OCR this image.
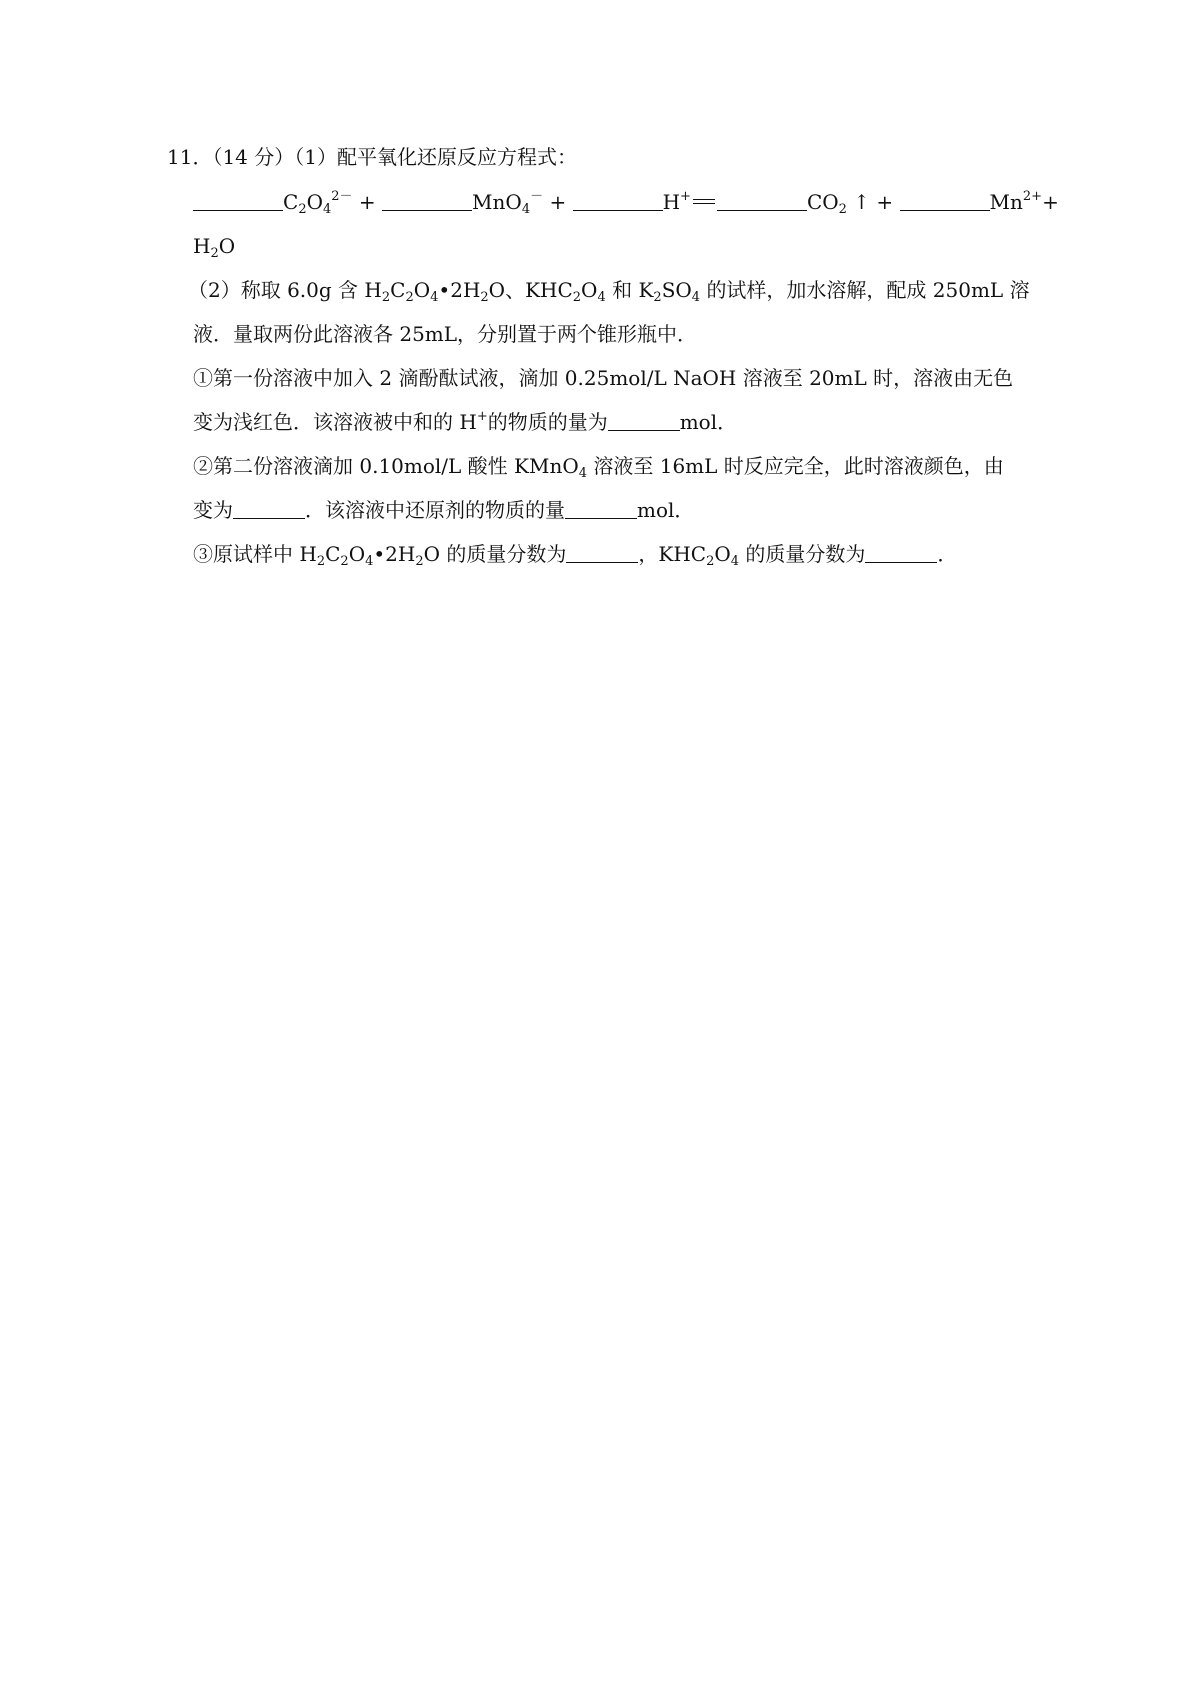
11．（14 分）（1）配平氧化还原反应方程式：
$C_2O_4^{2-}$ +	MnO$_4$－ +	H+	$CO_2$ ↑ +	$Mn^{2+}+$
$H_2O$
（2）称取 6.0g 含 $H_2C_2O_4•2H_2O$、$KHC_2O_4$ 和 $K_2SO_4$ 的试样，加水溶解，配成 250mL 溶
液．量取两份此溶液各 25mL，分别置于两个锥形瓶中．
①第一份溶液中加入 2 滴酚酞试液，滴加 0.25mol/L NaOH 溶液至 20mL 时，溶液由无色
变为浅红色．该溶液被中和的 H+的物质的量为	mol．
②第二份溶液滴加 0.10mol/L 酸性 KMnO$_4$ 溶液至 16mL 时反应完全，此时溶液颜色，由
变为	．该溶液中还原剂的物质的量	mol．
③原试样中 $H_2C_2O_4•2H_2O$ 的质量分数为	，$KHC_2O_4$ 的质量分数为	．
